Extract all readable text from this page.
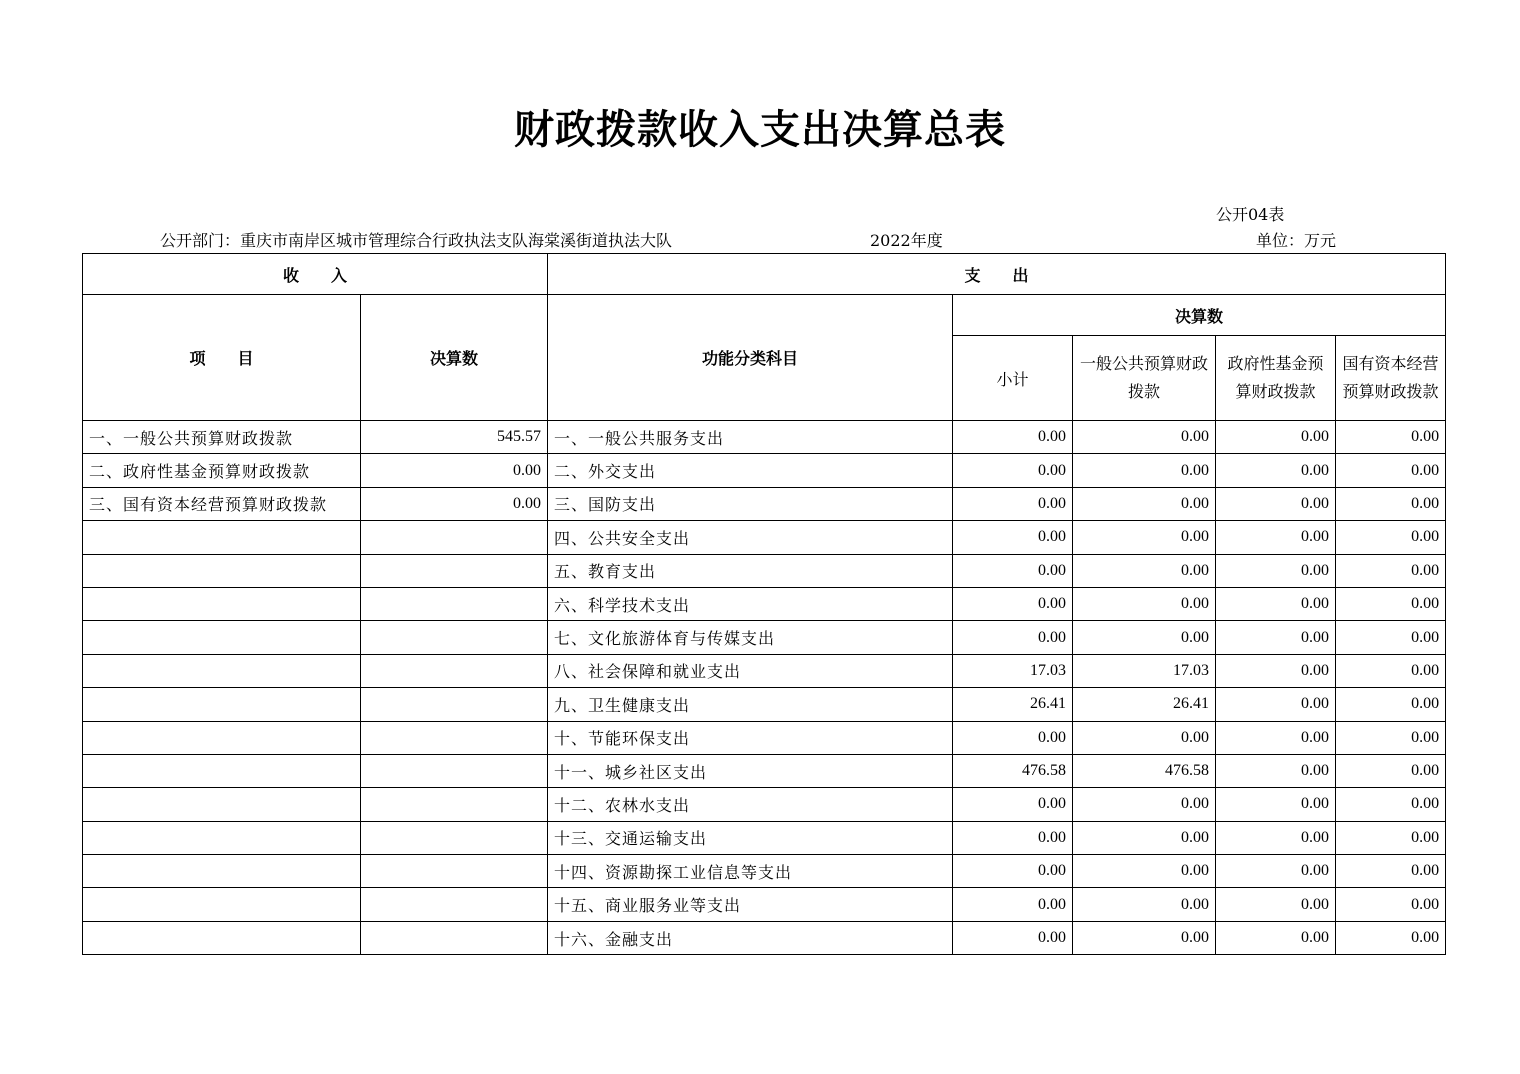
财政拨款收入支出决算总表
公开04表
公开部门：重庆市南岸区城市管理综合行政执法支队海棠溪街道执法大队	2022年度	单位：万元
收　　入		支　　出				
项　　目	决算数	功能分类科目	决算数			
			小计	一般公共预算财政拨款	政府性基金预算财政拨款	国有资本经营预算财政拨款
一、一般公共预算财政拨款	545.57	一、一般公共服务支出	0.00	0.00	0.00	0.00
二、政府性基金预算财政拨款	0.00	二、外交支出	0.00	0.00	0.00	0.00
三、国有资本经营预算财政拨款	0.00	三、国防支出	0.00	0.00	0.00	0.00
		四、公共安全支出	0.00	0.00	0.00	0.00
		五、教育支出	0.00	0.00	0.00	0.00
		六、科学技术支出	0.00	0.00	0.00	0.00
		七、文化旅游体育与传媒支出	0.00	0.00	0.00	0.00
		八、社会保障和就业支出	17.03	17.03	0.00	0.00
		九、卫生健康支出	26.41	26.41	0.00	0.00
		十、节能环保支出	0.00	0.00	0.00	0.00
		十一、城乡社区支出	476.58	476.58	0.00	0.00
		十二、农林水支出	0.00	0.00	0.00	0.00
		十三、交通运输支出	0.00	0.00	0.00	0.00
		十四、资源勘探工业信息等支出	0.00	0.00	0.00	0.00
		十五、商业服务业等支出	0.00	0.00	0.00	0.00
		十六、金融支出	0.00	0.00	0.00	0.00
